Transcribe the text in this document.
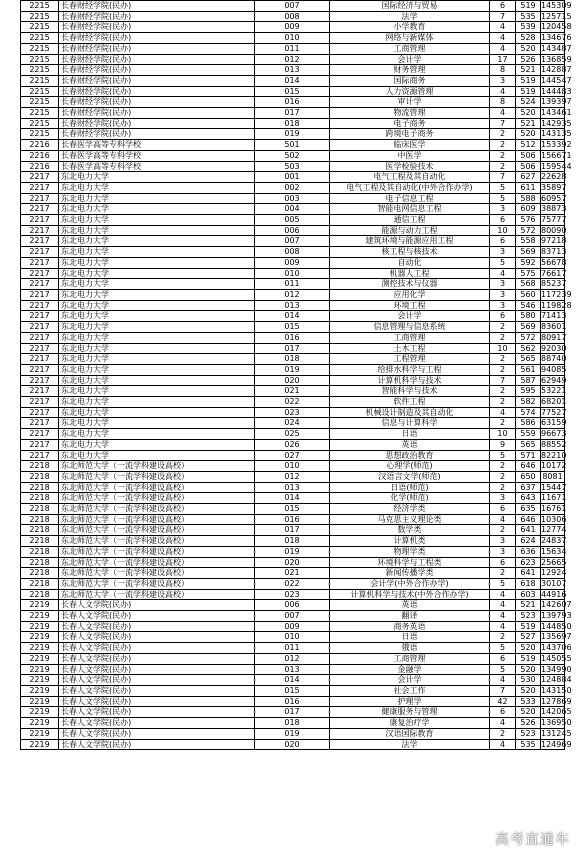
2215	长春财经学院(民办)	007	国际经济与贸易	6	519	145309
2215	长春财经学院(民办)	008	法学	7	535	125715
2215	长春财经学院(民办)	009	小学教育	4	539	120458
2215	长春财经学院(民办)	010	网络与新媒体	4	528	134676
2215	长春财经学院(民办)	011	工商管理	4	520	143487
2215	长春财经学院(民办)	012	会计学	17	526	136859
2215	长春财经学院(民办)	013	财务管理	8	521	142887
2215	长春财经学院(民办)	014	国际商务	3	519	144547
2215	长春财经学院(民办)	015	人力资源管理	4	519	144483
2215	长春财经学院(民办)	016	审计学	8	524	139397
2215	长春财经学院(民办)	017	物流管理	4	520	143461
2215	长春财经学院(民办)	018	电子商务	7	521	142935
2215	长春财经学院(民办)	019	跨境电子商务	2	520	143135
2216	长春医学高等专科学校	501	临床医学	2	512	153392
2216	长春医学高等专科学校	502	中医学	2	506	156671
2216	长春医学高等专科学校	503	医学检验技术	2	506	159544
2217	东北电力大学	001	电气工程及其自动化	7	627	22628
2217	东北电力大学	002	电气工程及其自动化(中外合作办学)	5	611	35897
2217	东北电力大学	003	电子信息工程	5	588	60957
2217	东北电力大学	004	智能电网信息工程	3	609	38873
2217	东北电力大学	005	通信工程	6	576	75777
2217	东北电力大学	006	能源与动力工程	10	572	80090
2217	东北电力大学	007	建筑环境与能源应用工程	6	558	97218
2217	东北电力大学	008	核工程与核技术	3	569	83713
2217	东北电力大学	009	自动化	5	592	56678
2217	东北电力大学	010	机器人工程	4	575	76617
2217	东北电力大学	011	测控技术与仪器	3	568	85237
2217	东北电力大学	012	应用化学	3	560	117239
2217	东北电力大学	013	环境工程	3	546	119828
2217	东北电力大学	014	会计学	6	580	71413
2217	东北电力大学	015	信息管理与信息系统	2	569	83601
2217	东北电力大学	016	工商管理	2	572	80917
2217	东北电力大学	017	土木工程	10	562	92030
2217	东北电力大学	018	工程管理	2	565	88740
2217	东北电力大学	019	给排水科学与工程	2	561	94085
2217	东北电力大学	020	计算机科学与技术	7	587	62949
2217	东北电力大学	021	智能科学与技术	2	595	53221
2217	东北电力大学	022	软件工程	2	582	68201
2217	东北电力大学	023	机械设计制造及其自动化	4	574	77527
2217	东北电力大学	024	信息与计算科学	2	586	63159
2217	东北电力大学	025	日语	10	559	96673
2217	东北电力大学	026	英语	9	565	88552
2217	东北电力大学	027	思想政治教育	5	571	82210
2218	东北师范大学（一流学科建设高校）	010	心理学(师范)	2	646	10172
2218	东北师范大学（一流学科建设高校）	012	汉语言文学(师范)	2	650	8081
2218	东北师范大学（一流学科建设高校）	013	日语(师范)	2	637	15447
2218	东北师范大学（一流学科建设高校）	014	化学(师范)	3	643	11671
2218	东北师范大学（一流学科建设高校）	015	经济学类	6	635	16761
2218	东北师范大学（一流学科建设高校）	016	马克思主义理论类	4	646	10306
2218	东北师范大学（一流学科建设高校）	017	数学类	2	641	12774
2218	东北师范大学（一流学科建设高校）	018	计算机类	3	624	24837
2218	东北师范大学（一流学科建设高校）	019	物理学类	3	636	15634
2218	东北师范大学（一流学科建设高校）	020	环境科学与工程类	6	623	25665
2218	东北师范大学（一流学科建设高校）	021	新闻传播学类	2	641	12924
2218	东北师范大学（一流学科建设高校）	022	会计学(中外合作办学)	5	618	30107
2218	东北师范大学（一流学科建设高校）	023	计算机科学与技术(中外合作办学)	4	603	44916
2219	长春人文学院(民办)	006	英语	4	521	142607
2219	长春人文学院(民办)	007	翻译	4	523	139793
2219	长春人文学院(民办)	009	商务英语	4	519	144850
2219	长春人文学院(民办)	010	日语	2	527	135697
2219	长春人文学院(民办)	011	俄语	5	520	143706
2219	长春人文学院(民办)	012	工商管理	6	519	145055
2219	长春人文学院(民办)	013	金融学	5	520	134990
2219	长春人文学院(民办)	014	会计学	4	530	124884
2219	长春人文学院(民办)	015	社会工作	7	520	143150
2219	长春人文学院(民办)	016	护理学	42	533	127869
2219	长春人文学院(民办)	017	健康服务与管理	6	520	142065
2219	长春人文学院(民办)	018	康复治疗学	4	526	136950
2219	长春人文学院(民办)	019	汉语国际教育	2	523	131245
2219	长春人文学院(民办)	020	法学	4	535	124969
高考直通车
